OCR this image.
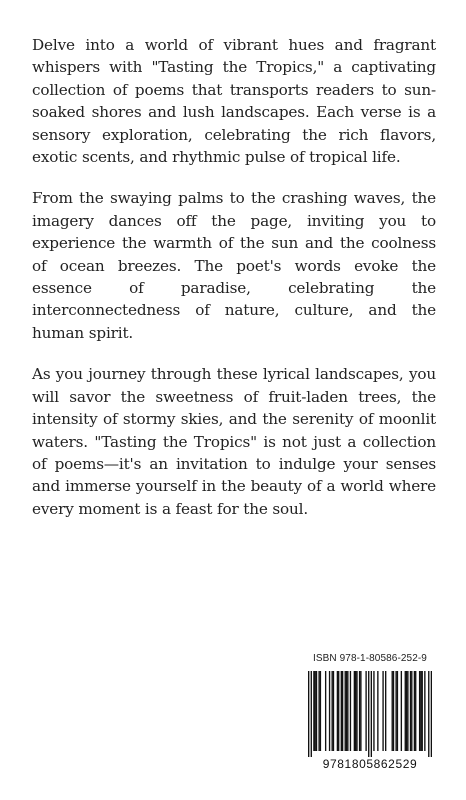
Delve into a world of vibrant hues and fragrant whispers with "Tasting the Tropics," a captivating collection of poems that transports readers to sun-soaked shores and lush landscapes. Each verse is a sensory exploration, celebrating the rich flavors, exotic scents, and rhythmic pulse of tropical life.

From the swaying palms to the crashing waves, the imagery dances off the page, inviting you to experience the warmth of the sun and the coolness of ocean breezes. The poet's words evoke the essence of paradise, celebrating the interconnectedness of nature, culture, and the human spirit.

As you journey through these lyrical landscapes, you will savor the sweetness of fruit-laden trees, the intensity of stormy skies, and the serenity of moonlit waters. "Tasting the Tropics" is not just a collection of poems—it's an invitation to indulge your senses and immerse yourself in the beauty of a world where every moment is a feast for the soul.

ISBN 978-1-80586-252-9
9781805862529
